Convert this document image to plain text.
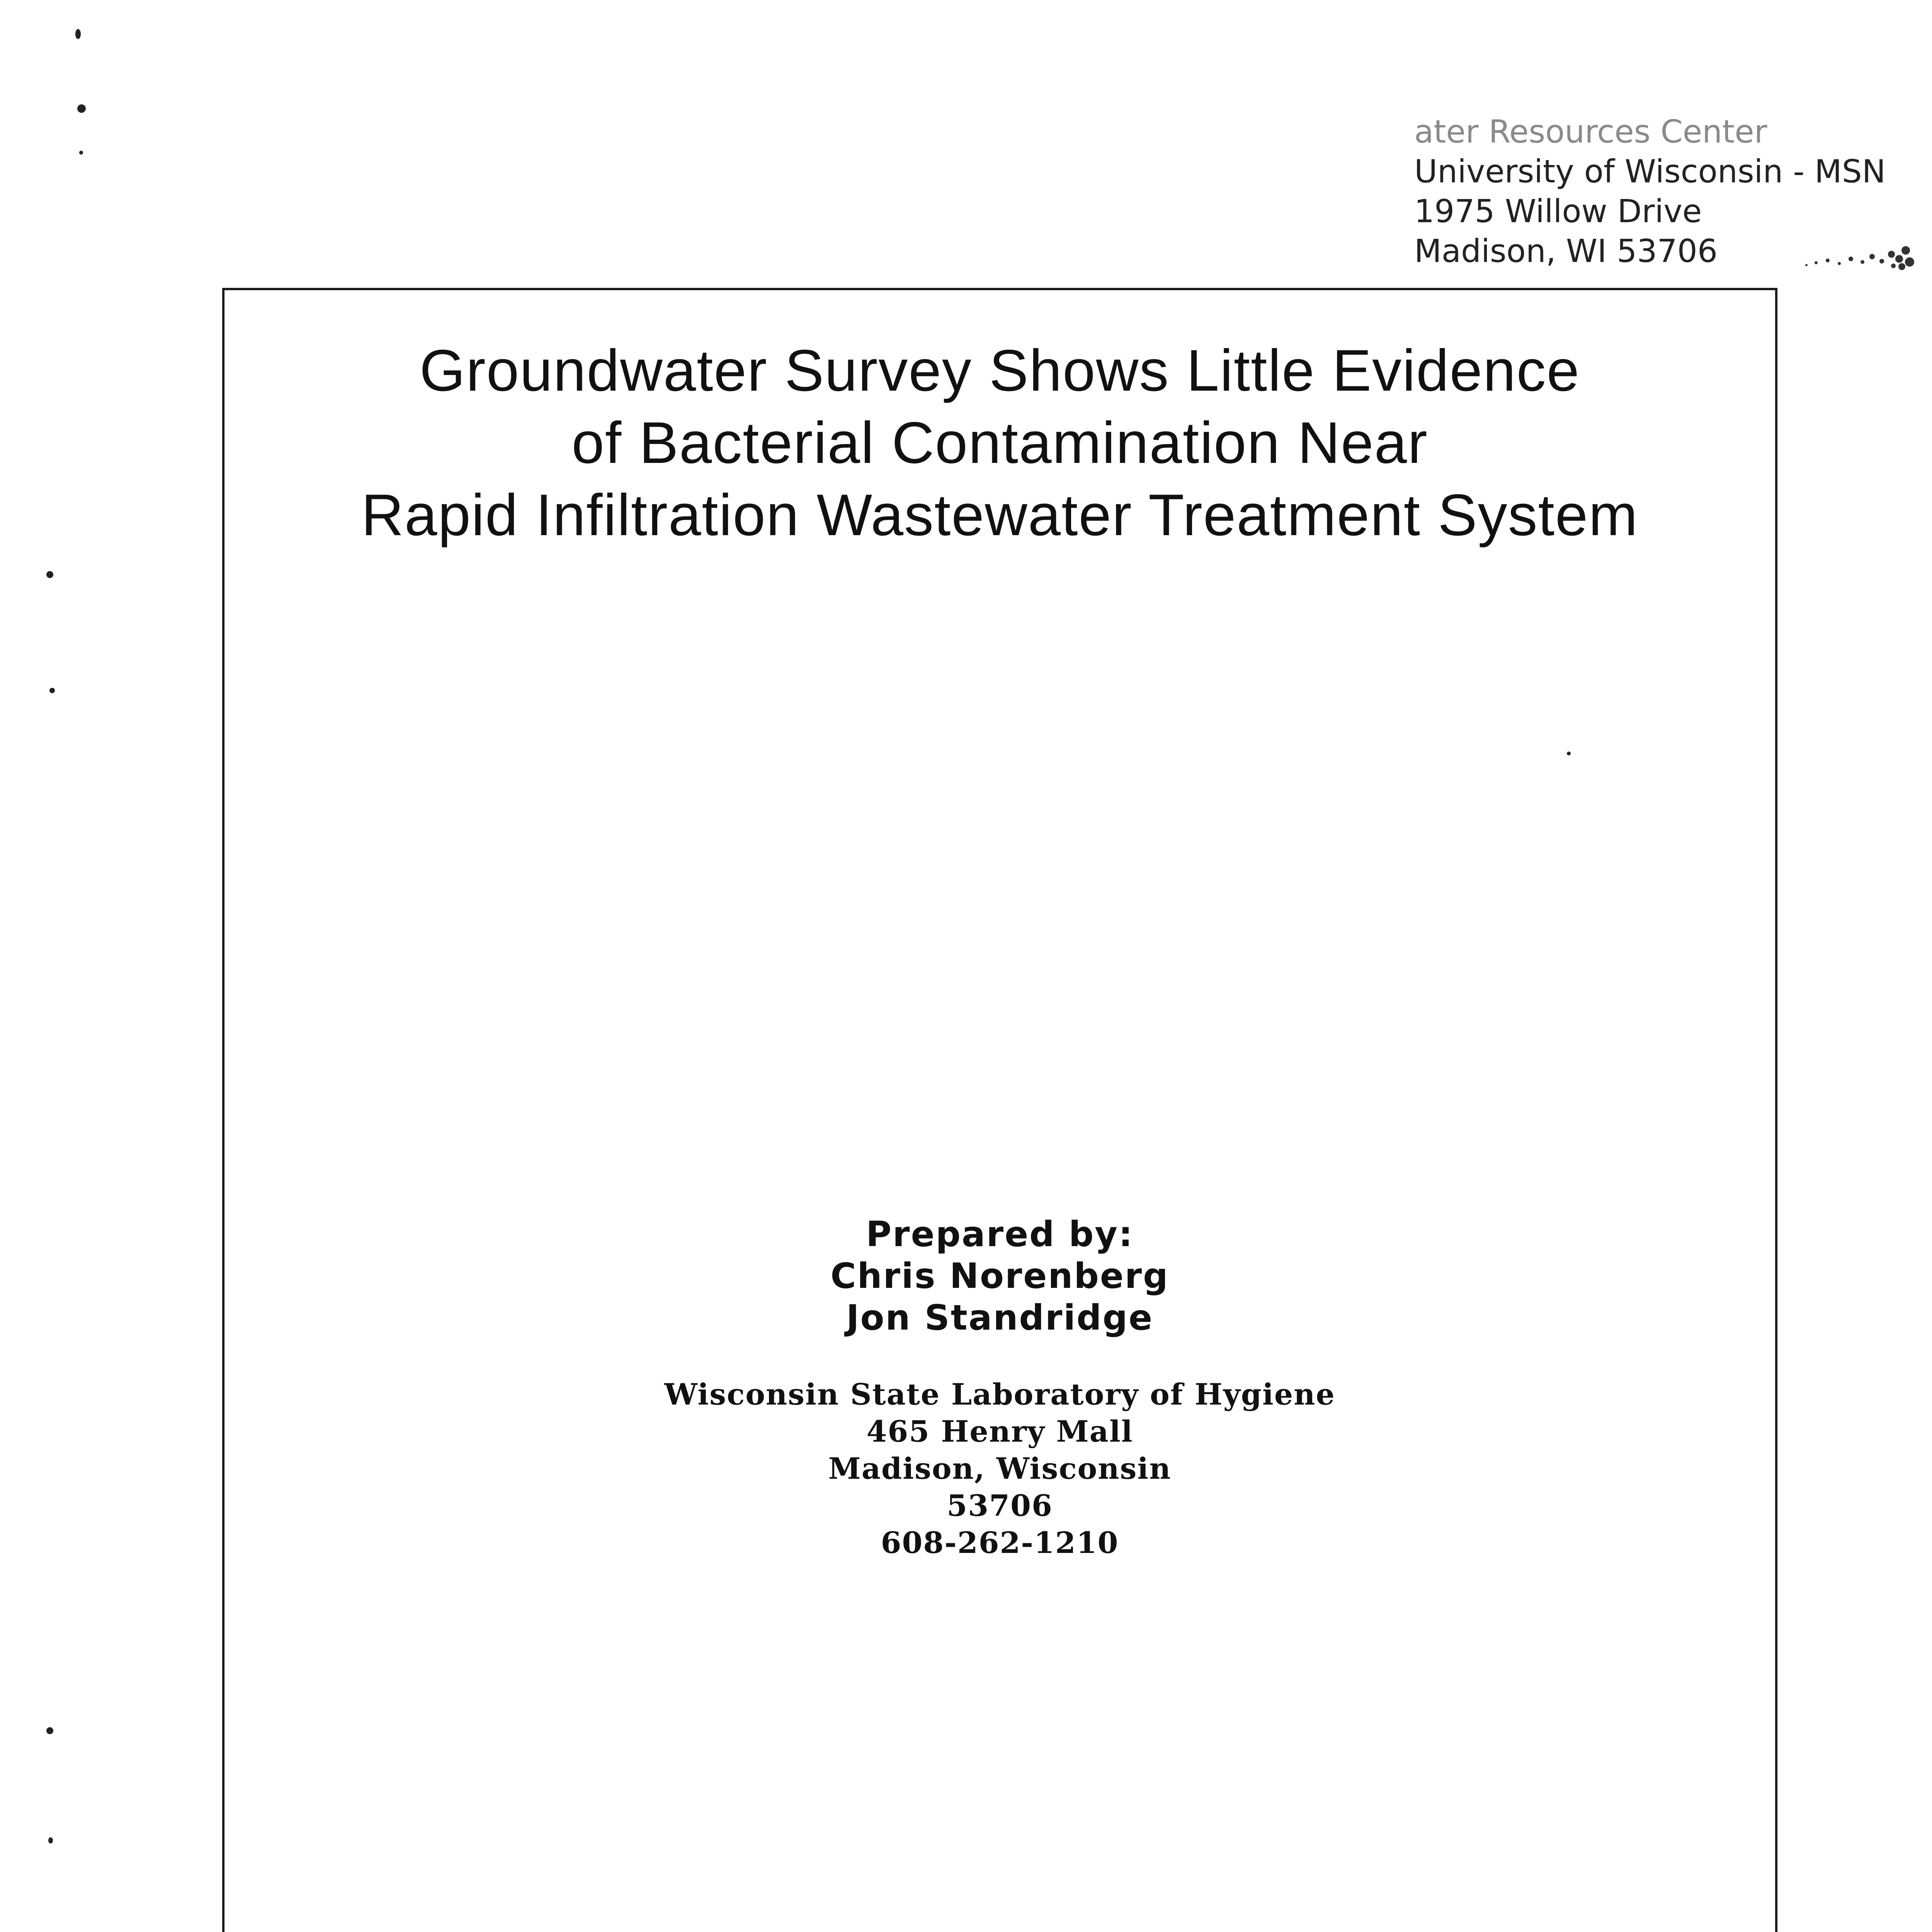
ater Resources Center
University of Wisconsin - MSN
1975 Willow Drive
Madison, WI 53706
Groundwater Survey Shows Little Evidence
of Bacterial Contamination Near
Rapid Infiltration Wastewater Treatment System
Prepared by:
Chris Norenberg
Jon Standridge
Wisconsin State Laboratory of Hygiene
465 Henry Mall
Madison, Wisconsin
53706
608-262-1210
